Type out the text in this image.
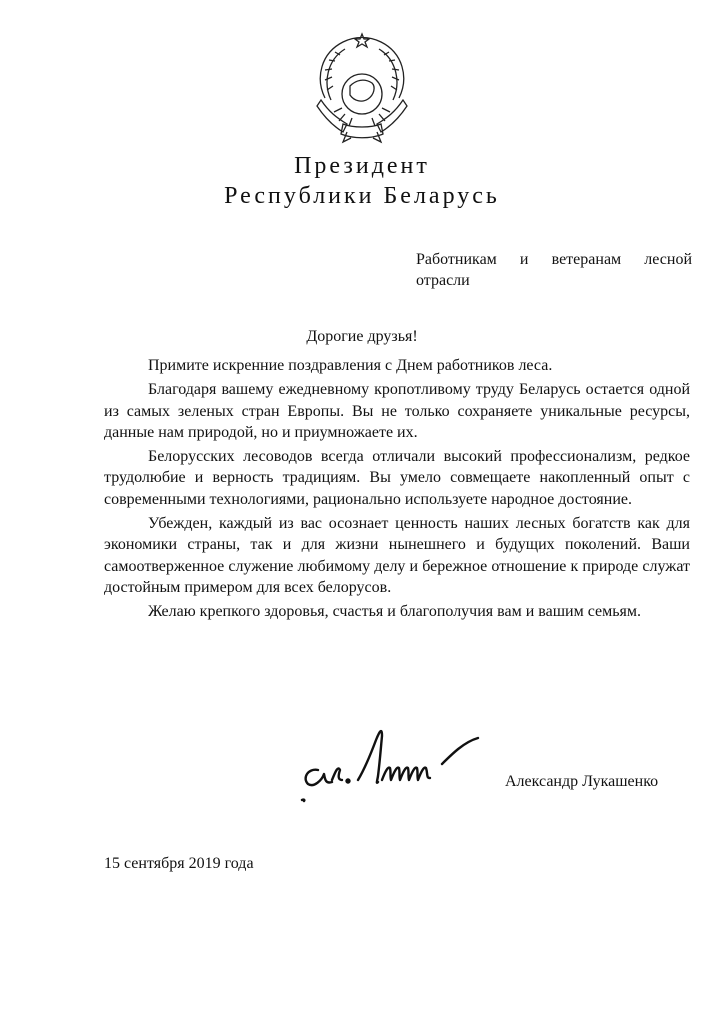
Президент
Республики Беларусь
Работникам и ветеранам лесной
отрасли
Дорогие друзья!

Примите искренние поздравления с Днем работников леса.

Благодаря вашему ежедневному кропотливому труду Беларусь остается одной из самых зеленых стран Европы. Вы не только сохраняете уникальные ресурсы, данные нам природой, но и приумножаете их.

Белорусских лесоводов всегда отличали высокий профессионализм, редкое трудолюбие и верность традициям. Вы умело совмещаете накопленный опыт с современными технологиями, рационально используете народное достояние.

Убежден, каждый из вас осознает ценность наших лесных богатств как для экономики страны, так и для жизни нынешнего и будущих поколений. Ваши самоотверженное служение любимому делу и бережное отношение к природе служат достойным примером для всех белорусов.

Желаю крепкого здоровья, счастья и благополучия вам и вашим семьям.

Александр Лукашенко
15 сентября 2019 года
